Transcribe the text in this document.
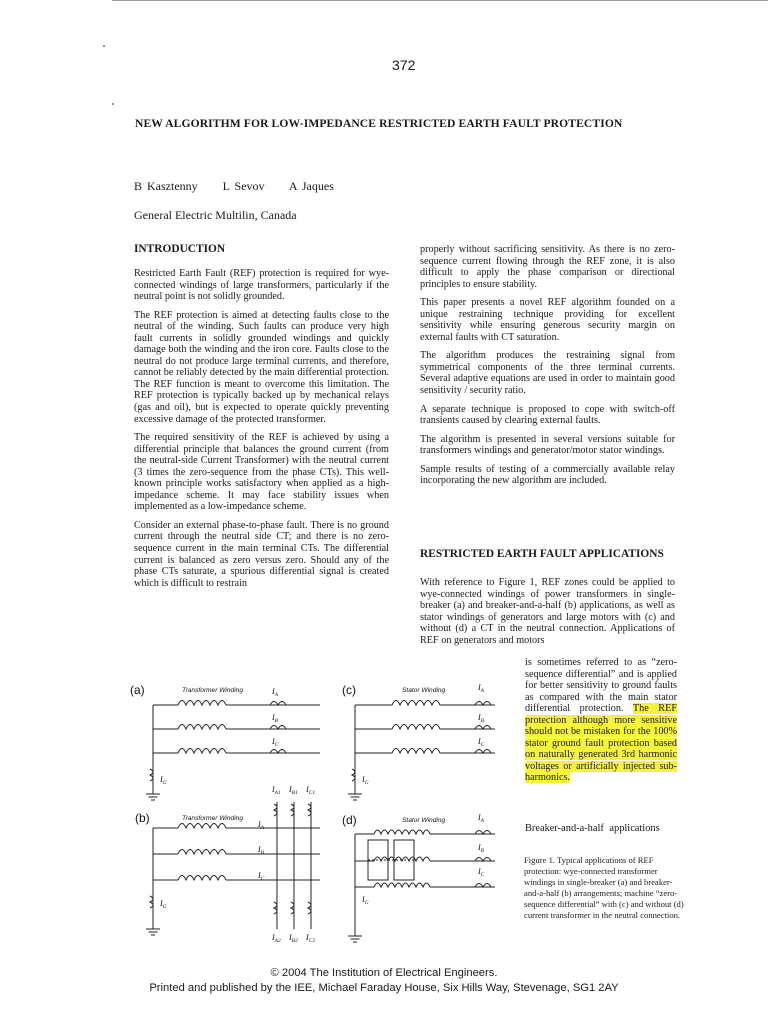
372
NEW ALGORITHM FOR LOW-IMPEDANCE RESTRICTED EARTH FAULT PROTECTION
B Kasztenny     L Sevov     A Jaques
General Electric Multilin, Canada
INTRODUCTION

Restricted Earth Fault (REF) protection is required for wye-connected windings of large transformers, particularly if the neutral point is not solidly grounded.

The REF protection is aimed at detecting faults close to the neutral of the winding. Such faults can produce very high fault currents in solidly grounded windings and quickly damage both the winding and the iron core. Faults close to the neutral do not produce large terminal currents, and therefore, cannot be reliably detected by the main differential protection. The REF function is meant to overcome this limitation. The REF protection is typically backed up by mechanical relays (gas and oil), but is expected to operate quickly preventing excessive damage of the protected transformer.

The required sensitivity of the REF is achieved by using a differential principle that balances the ground current (from the neutral-side Current Transformer) with the neutral current (3 times the zero-sequence from the phase CTs). This well-known principle works satisfactory when applied as a high-impedance scheme. It may face stability issues when implemented as a low-impedance scheme.

Consider an external phase-to-phase fault. There is no ground current through the neutral side CT; and there is no zero-sequence current in the main terminal CTs. The differential current is balanced as zero versus zero. Should any of the phase CTs saturate, a spurious differential signal is created which is difficult to restrain

properly without sacrificing sensitivity. As there is no zero-sequence current flowing through the REF zone, it is also difficult to apply the phase comparison or directional principles to ensure stability.

This paper presents a novel REF algorithm founded on a unique restraining technique providing for excellent sensitivity while ensuring generous security margin on external faults with CT saturation.

The algorithm produces the restraining signal from symmetrical components of the three terminal currents. Several adaptive equations are used in order to maintain good sensitivity / security ratio.

A separate technique is proposed to cope with switch-off transients caused by clearing external faults.

The algorithm is presented in several versions suitable for transformers windings and generator/motor stator windings.

Sample results of testing of a commercially available relay incorporating the new algorithm are included.

RESTRICTED EARTH FAULT APPLICATIONS
With reference to Figure 1, REF zones could be applied to wye-connected windings of power transformers in single-breaker (a) and breaker-and-a-half (b) applications, as well as stator windings of generators and large motors with (c) and without (d) a CT in the neutral connection. Applications of REF on generators and motors
is sometimes referred to as “zero-sequence differential” and is applied for better sensitivity to ground faults as compared with the main stator differential protection. The REF protection although more sensitive should not be mistaken for the 100% stator ground fault protection based on naturally generated 3rd harmonic voltages or artificially injected sub-harmonics.
Breaker-and-a-half applications
Figure 1. Typical applications of REF protection: wye-connected transformer windings in single-breaker (a) and breaker-and-a-half (b) arrangements; machine “zero-sequence differential” with (c) and without (d) current transformer in the neutral connection.
(a)	Transformer Winding	$I_A$
$I_B$
$I_C$
$I_G$
(b)	Transformer Winding
$I_{A1}$ $I_{B1}$ $I_{C1}$
$I_A$
$I_B$
$I_C$
$I_G$
$I_{A2}$ $I_{B2}$ $I_{C2}$
(c)	Stator Winding	$I_A$
$I_B$
$I_C$
$I_G$
(d)	Stator Winding	$I_A$
$I_B$
$I_C$
$I_G$
© 2004 The Institution of Electrical Engineers.
Printed and published by the IEE, Michael Faraday House, Six Hills Way, Stevenage, SG1 2AY
